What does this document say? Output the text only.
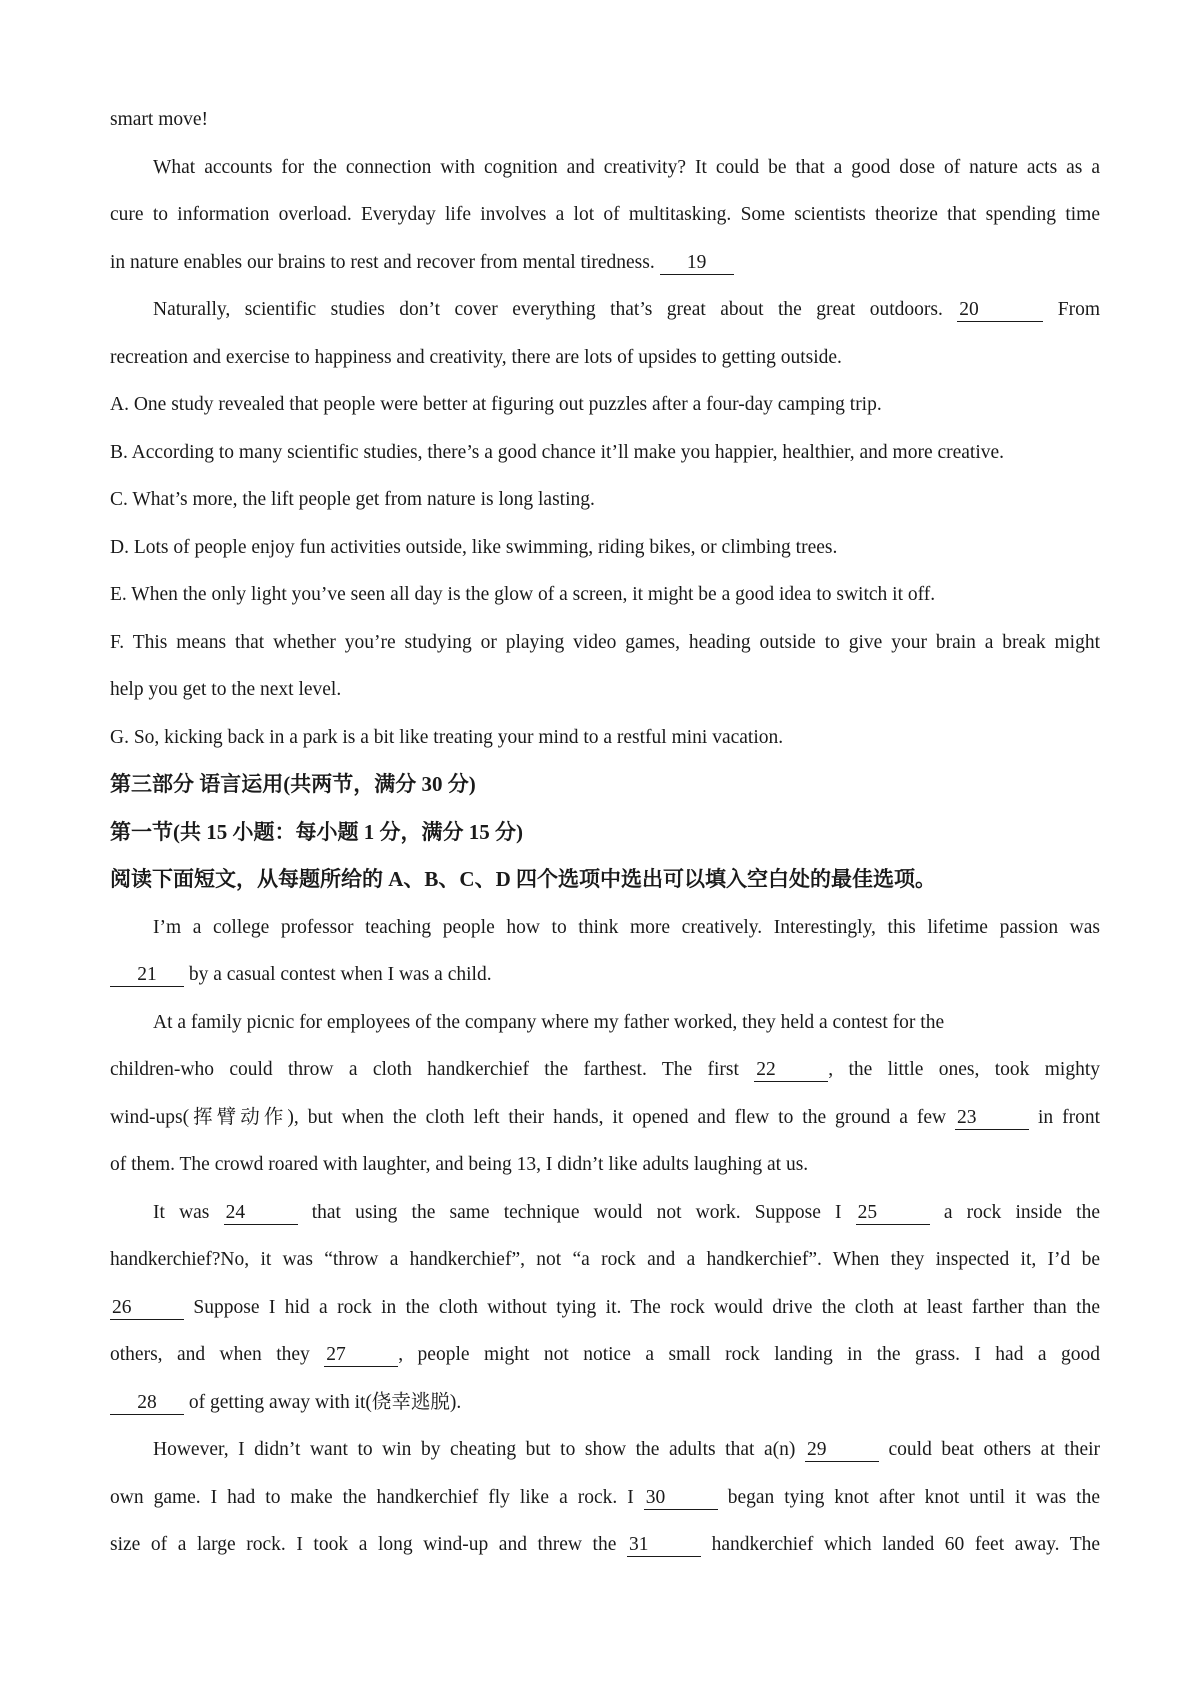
smart move!
What accounts for the connection with cognition and creativity? It could be that a good dose of nature acts as a
cure to information overload. Everyday life involves a lot of multitasking. Some scientists theorize that spending time
in nature enables our brains to rest and recover from mental tiredness. 19
Naturally, scientific studies don’t cover everything that’s great about the great outdoors. 20	From
recreation and exercise to happiness and creativity, there are lots of upsides to getting outside.
A. One study revealed that people were better at figuring out puzzles after a four-day camping trip.
B. According to many scientific studies, there’s a good chance it’ll make you happier, healthier, and more creative.
C. What’s more, the lift people get from nature is long lasting.
D. Lots of people enjoy fun activities outside, like swimming, riding bikes, or climbing trees.
E. When the only light you’ve seen all day is the glow of a screen, it might be a good idea to switch it off.
F. This means that whether you’re studying or playing video games, heading outside to give your brain a break might
help you get to the next level.
G. So, kicking back in a park is a bit like treating your mind to a restful mini vacation.
第三部分 语言运用(共两节，满分 30 分)
第一节(共 15 小题：每小题 1 分，满分 15 分)
阅读下面短文，从每题所给的 A、B、C、D 四个选项中选出可以填入空白处的最佳选项。
I’m a college professor teaching people how to think more creatively. Interestingly, this lifetime passion was
21 by a casual contest when I was a child.
At a family picnic for employees of the company where my father worked, they held a contest for the
children-who could throw a cloth handkerchief the farthest. The first 22	, the little ones, took mighty
wind-ups(挥臂动作), but when the cloth left their hands, it opened and flew to the ground a few 23	in front
of them. The crowd roared with laughter, and being 13, I didn’t like adults laughing at us.
It was 24	that using the same technique would not work. Suppose I 25	a rock inside the
handkerchief?No, it was “throw a handkerchief”, not “a rock and a handkerchief”. When they inspected it, I’d be
26	Suppose I hid a rock in the cloth without tying it. The rock would drive the cloth at least farther than the
others, and when they 27	, people might not notice a small rock landing in the grass. I had a good
28 of getting away with it(侥幸逃脱).
However, I didn’t want to win by cheating but to show the adults that a(n) 29	could beat others at their
own game. I had to make the handkerchief fly like a rock. I 30	began tying knot after knot until it was the
size of a large rock. I took a long wind-up and threw the 31	handkerchief which landed 60 feet away. The
